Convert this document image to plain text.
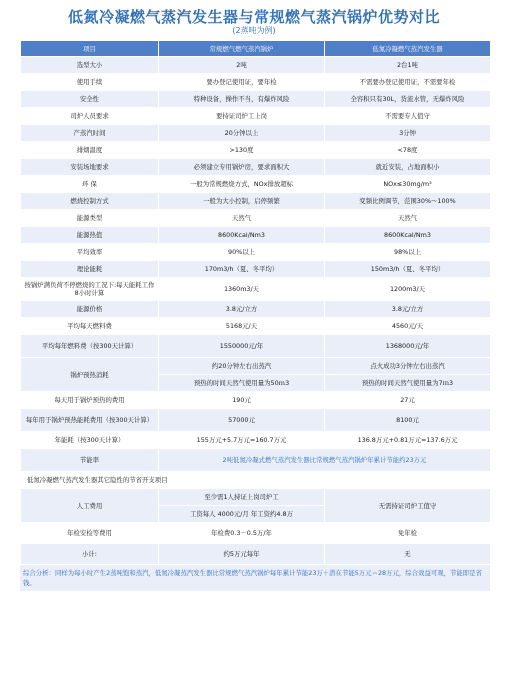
低氮冷凝燃气蒸汽发生器与常规燃气蒸汽锅炉优势对比
(2蒸吨为例)
项目	常规燃气燃气蒸汽锅炉	低氮冷凝燃气蒸汽发生器
选型大小	2吨	2台1吨
使用手续	要办登记使用证，要年检	不需要办登记使用证，不需要年检
安全性	特种设备，操作不当，有爆炸风险	全容积只有30L，货流水管，无爆炸风险
司炉人员要求	要持证司炉工上岗	不需要专人值守
产蒸汽时间	20分钟以上	3分钟
排烟温度	>130度	<78度
安装场地要求	必须建立专用锅炉房，要求面积大	就近安装，占地面积小
环 保	一般为常规燃烧方式，NOx排放超标	NOx≤30mg/m³
燃烧控制方式	一般为大小控制，启停频繁	变频比例调节，范围30%～100%
能源类型	天然气	天然气
能源热值	8600Kcal/Nm3	8600Kcal/Nm3
平均效率	90%以上	98%以上
理论能耗	170m3/h（夏、冬平均）	150m3/h（夏、冬平均）
按锅炉满负荷不停燃烧的工况下:每天能耗工作8小时计算	1360m3/天	1200m3/天
能源价格	3.8元/立方	3.8元/立方
平均每天燃料费	5168元/天	4560元/天
平均每年燃料费（按300天计算）	1550000元/年	1368000元/年
锅炉预热消耗	约20分钟左右出蒸汽	点火成功3分钟左右出蒸汽
	预热的时间天然气使用量为50ｍ3	预热的时间天然气使用量为7ｍ3
每天用于锅炉预热的费用	190元	27元
每年用于锅炉预热能耗费用（按300天计算）	57000元	8100元
年能耗（按300天计算）	155万元+5.7万元=160.7万元	136.8万元+0.81万元=137.6万元
节能率	2吨低氮冷凝式燃气蒸汽发生器比常规燃气蒸汽锅炉年累计节能约23万元	
低氮冷凝燃气蒸汽发生器其它隐性的节省开支项目		
人工费用	至少需1人持证上岗司炉工	无需持证司炉工值守
	工资每人 4000元/月 年工资约4.8万	
年检安检等费用	年检费0.3－0.5万/年	免年检
小计:	约5万元每年	无
综合分析：同样为每小时产生2蒸吨饱和蒸汽，低氮冷凝蒸汽发生器比常规燃气蒸汽锅炉每年累计节能23万＋潜在节能5万元＝28万元，综合效益可观，节能即是省钱。
